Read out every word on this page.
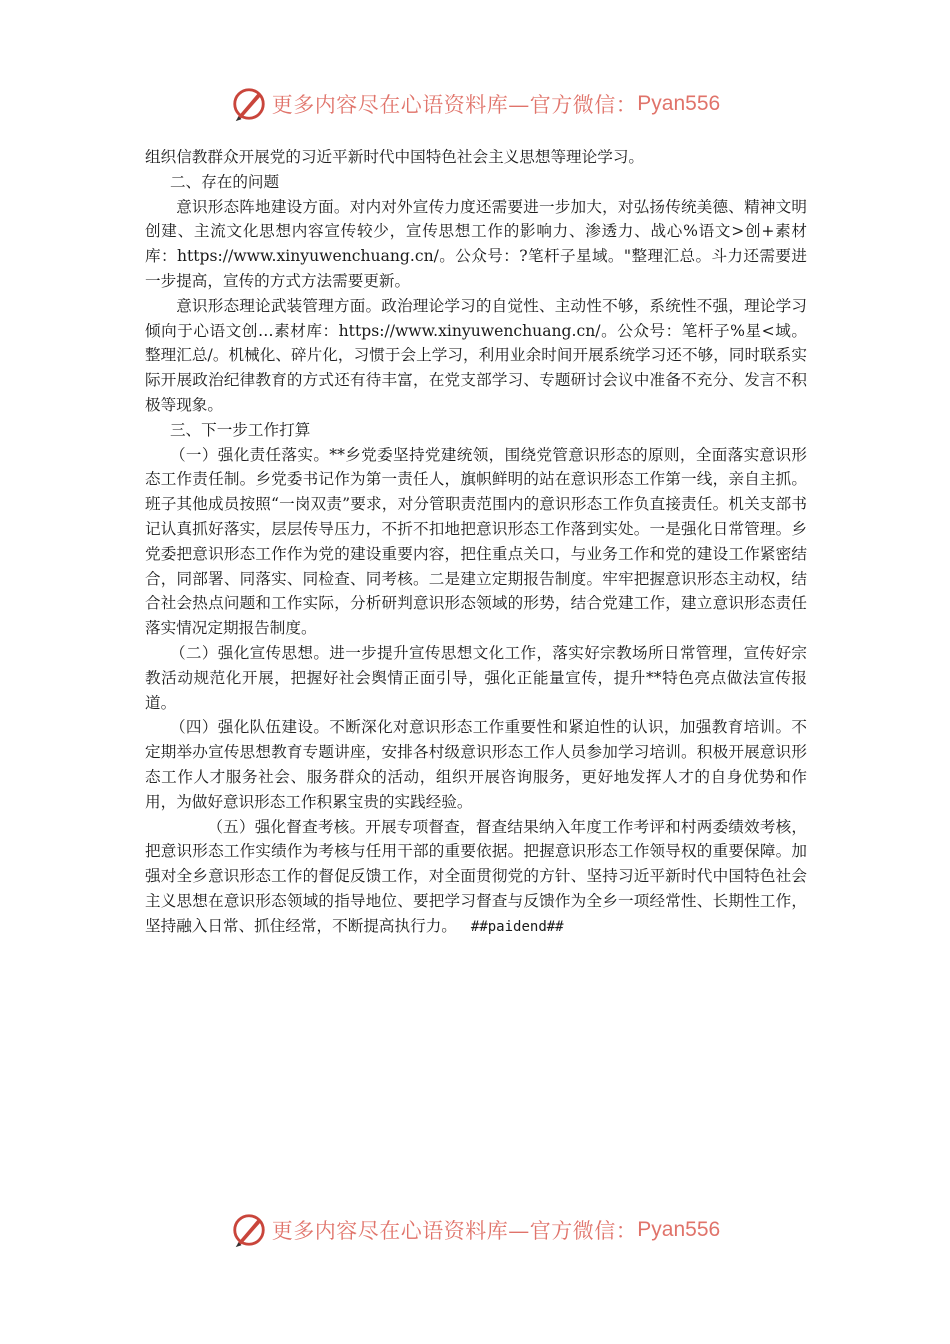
更多内容尽在心语资料库—官方微信： Pyan556

组织信教群众开展党的习近平新时代中国特色社会主义思想等理论学习。

二、存在的问题

意识形态阵地建设方面。对内对外宣传力度还需要进一步加大，对弘扬传统美德、精神文明创建、主流文化思想内容宣传较少，宣传思想工作的影响力、渗透力、战心%语文>创+素材库：https://www.xinyuwenchuang.cn/。公众号：?笔杆子星域。"整理汇总。斗力还需要进一步提高，宣传的方式方法需要更新。

意识形态理论武装管理方面。政治理论学习的自觉性、主动性不够，系统性不强，理论学习倾向于心语文创…素材库：https://www.xinyuwenchuang.cn/。公众号：笔杆子%星<域。整理汇总/。机械化、碎片化，习惯于会上学习，利用业余时间开展系统学习还不够，同时联系实际开展政治纪律教育的方式还有待丰富，在党支部学习、专题研讨会议中准备不充分、发言不积极等现象。

三、下一步工作打算

（一）强化责任落实。**乡党委坚持党建统领，围绕党管意识形态的原则，全面落实意识形态工作责任制。乡党委书记作为第一责任人，旗帜鲜明的站在意识形态工作第一线，亲自主抓。班子其他成员按照“一岗双责”要求，对分管职责范围内的意识形态工作负直接责任。机关支部书记认真抓好落实，层层传导压力，不折不扣地把意识形态工作落到实处。一是强化日常管理。乡党委把意识形态工作作为党的建设重要内容，把住重点关口，与业务工作和党的建设工作紧密结合，同部署、同落实、同检查、同考核。二是建立定期报告制度。牢牢把握意识形态主动权，结合社会热点问题和工作实际，分析研判意识形态领域的形势，结合党建工作，建立意识形态责任落实情况定期报告制度。

（二）强化宣传思想。进一步提升宣传思想文化工作，落实好宗教场所日常管理，宣传好宗教活动规范化开展，把握好社会舆情正面引导，强化正能量宣传，提升**特色亮点做法宣传报道。

（四）强化队伍建设。不断深化对意识形态工作重要性和紧迫性的认识，加强教育培训。不定期举办宣传思想教育专题讲座，安排各村级意识形态工作人员参加学习培训。积极开展意识形态工作人才服务社会、服务群众的活动，组织开展咨询服务，更好地发挥人才的自身优势和作用，为做好意识形态工作积累宝贵的实践经验。

（五）强化督查考核。开展专项督查，督查结果纳入年度工作考评和村两委绩效考核，把意识形态工作实绩作为考核与任用干部的重要依据。把握意识形态工作领导权的重要保障。加强对全乡意识形态工作的督促反馈工作，对全面贯彻党的方针、坚持习近平新时代中国特色社会主义思想在意识形态领域的指导地位、要把学习督查与反馈作为全乡一项经常性、长期性工作，坚持融入日常、抓住经常，不断提高执行力。 ##paidend##

更多内容尽在心语资料库—官方微信： Pyan556
